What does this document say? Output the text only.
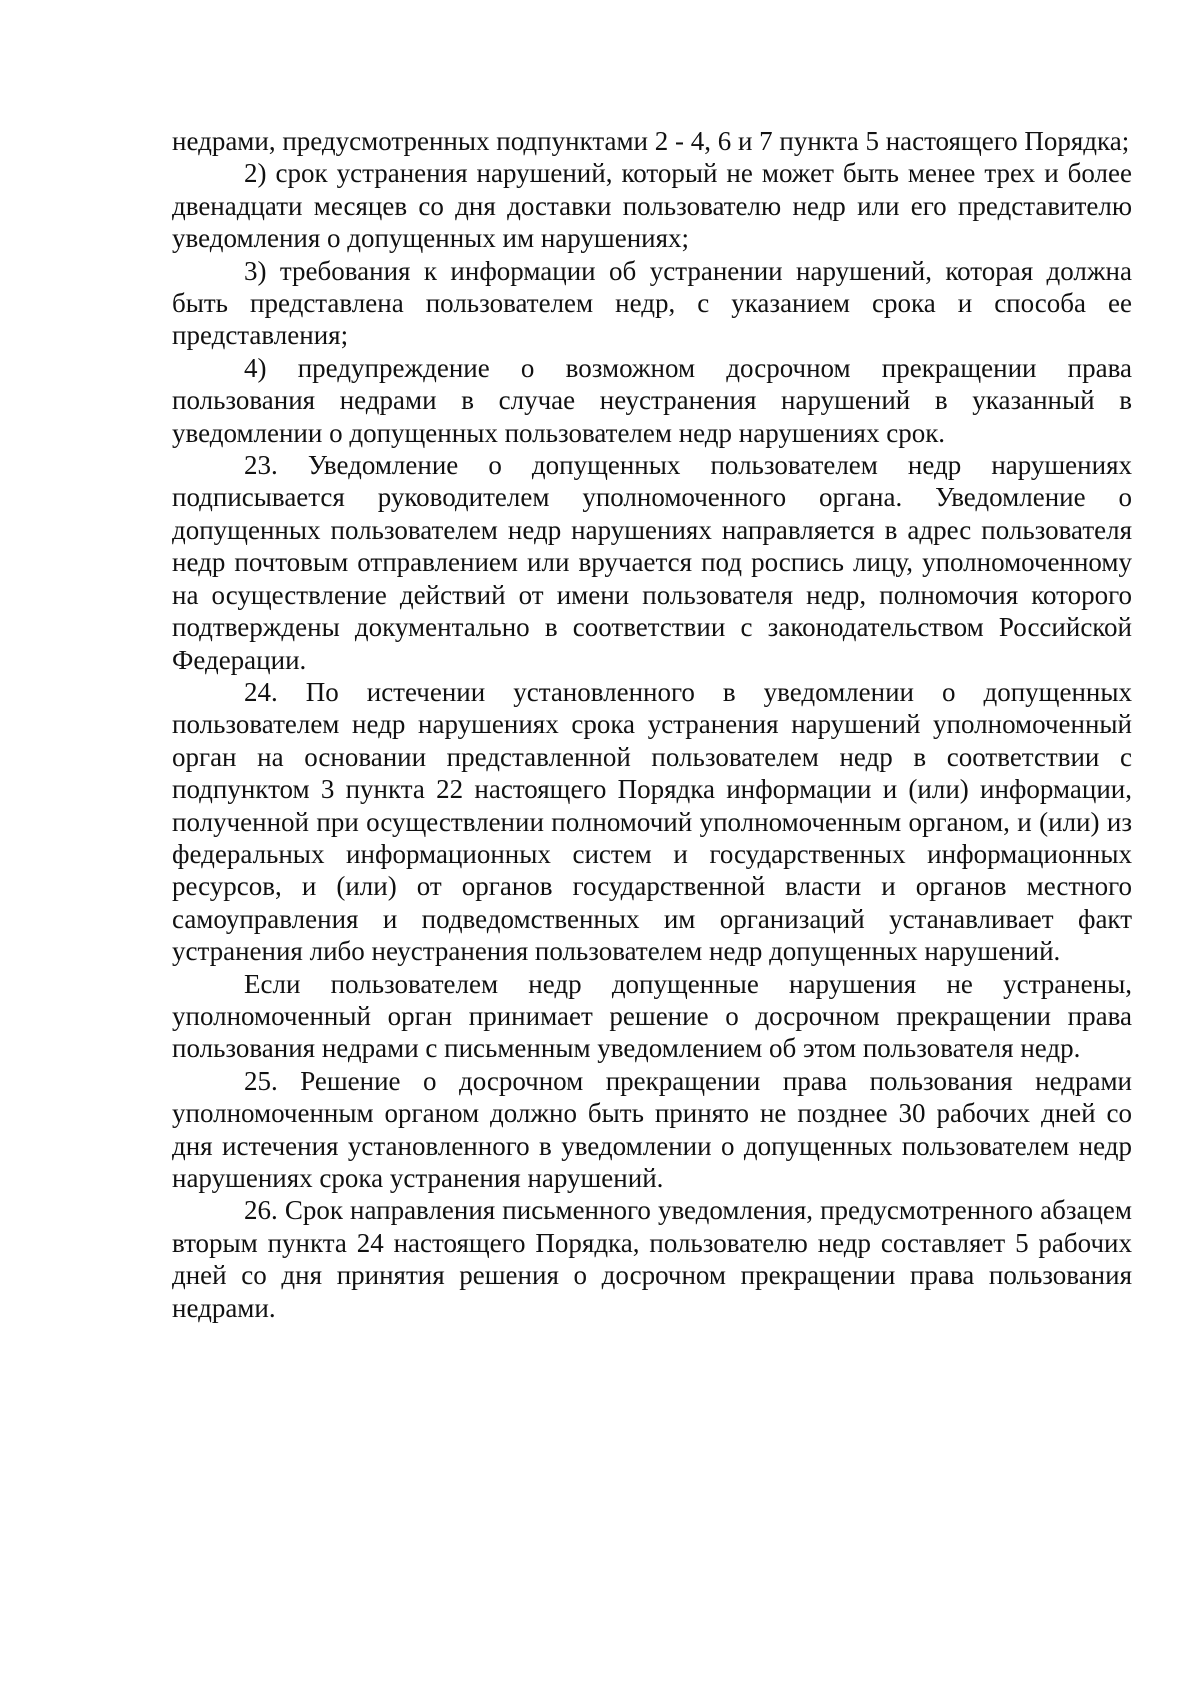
недрами, предусмотренных подпунктами 2 - 4, 6 и 7 пункта 5 настоящего Порядка;

2) срок устранения нарушений, который не может быть менее трех и более двенадцати месяцев со дня доставки пользователю недр или его представителю уведомления о допущенных им нарушениях;

3) требования к информации об устранении нарушений, которая должна быть представлена пользователем недр, с указанием срока и способа ее представления;

4) предупреждение о возможном досрочном прекращении права пользования недрами в случае неустранения нарушений в указанный в уведомлении о допущенных пользователем недр нарушениях срок.

23. Уведомление о допущенных пользователем недр нарушениях подписывается руководителем уполномоченного органа. Уведомление о допущенных пользователем недр нарушениях направляется в адрес пользователя недр почтовым отправлением или вручается под роспись лицу, уполномоченному на осуществление действий от имени пользователя недр, полномочия которого подтверждены документально в соответствии с законодательством Российской Федерации.

24. По истечении установленного в уведомлении о допущенных пользователем недр нарушениях срока устранения нарушений уполномоченный орган на основании представленной пользователем недр в соответствии с подпунктом 3 пункта 22 настоящего Порядка информации и (или) информации, полученной при осуществлении полномочий уполномоченным органом, и (или) из федеральных информационных систем и государственных информационных ресурсов, и (или) от органов государственной власти и органов местного самоуправления и подведомственных им организаций устанавливает факт устранения либо неустранения пользователем недр допущенных нарушений.

Если пользователем недр допущенные нарушения не устранены, уполномоченный орган принимает решение о досрочном прекращении права пользования недрами с письменным уведомлением об этом пользователя недр.

25. Решение о досрочном прекращении права пользования недрами уполномоченным органом должно быть принято не позднее 30 рабочих дней со дня истечения установленного в уведомлении о допущенных пользователем недр нарушениях срока устранения нарушений.

26. Срок направления письменного уведомления, предусмотренного абзацем вторым пункта 24 настоящего Порядка, пользователю недр составляет 5 рабочих дней со дня принятия решения о досрочном прекращении права пользования недрами.
